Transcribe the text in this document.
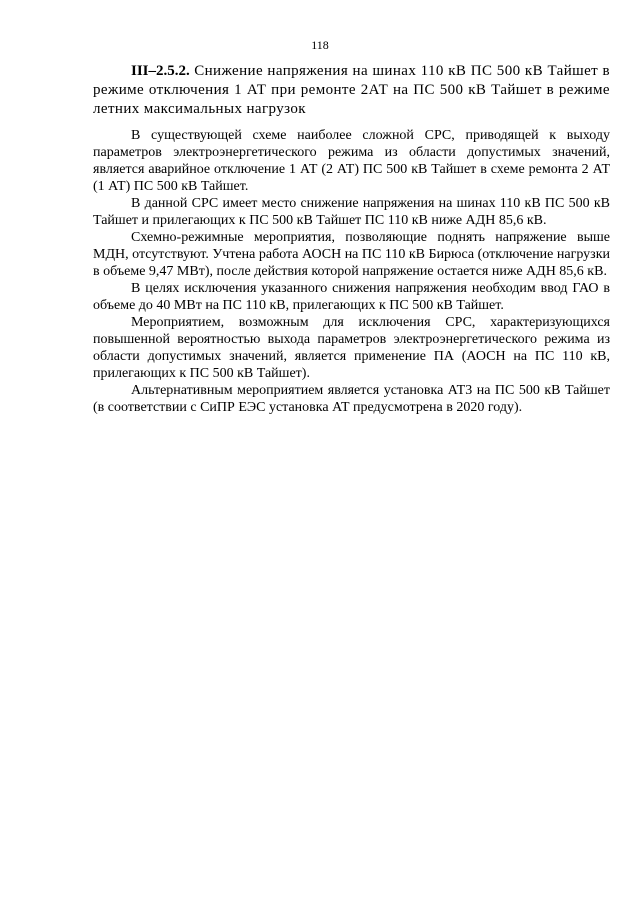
118

III–2.5.2. Снижение напряжения на шинах 110 кВ ПС 500 кВ Тайшет в режиме отключения 1 АТ при ремонте 2АТ на ПС 500 кВ Тайшет в режиме летних максимальных нагрузок

В существующей схеме наиболее сложной СРС, приводящей к выходу параметров электроэнергетического режима из области допустимых значений, является аварийное отключение 1 АТ (2 АТ) ПС 500 кВ Тайшет в схеме ремонта 2 АТ (1 АТ) ПС 500 кВ Тайшет.

В данной СРС имеет место снижение напряжения на шинах 110 кВ ПС 500 кВ Тайшет и прилегающих к ПС 500 кВ Тайшет ПС 110 кВ ниже АДН 85,6 кВ.

Схемно-режимные мероприятия, позволяющие поднять напряжение выше МДН, отсутствуют. Учтена работа АОСН на ПС 110 кВ Бирюса (отключение нагрузки в объеме 9,47 МВт), после действия которой напряжение остается ниже АДН 85,6 кВ.

В целях исключения указанного снижения напряжения необходим ввод ГАО в объеме до 40 МВт на ПС 110 кВ, прилегающих к ПС 500 кВ Тайшет.

Мероприятием, возможным для исключения СРС, характеризующихся повышенной вероятностью выхода параметров электроэнергетического режима из области допустимых значений, является применение ПА (АОСН на ПС 110 кВ, прилегающих к ПС 500 кВ Тайшет).

Альтернативным мероприятием является установка АТ3 на ПС 500 кВ Тайшет (в соответствии с СиПР ЕЭС установка АТ предусмотрена в 2020 году).
